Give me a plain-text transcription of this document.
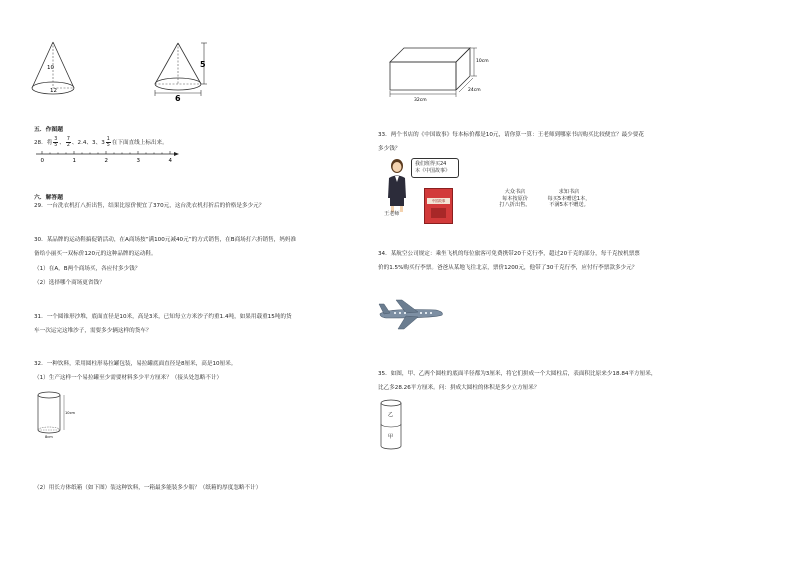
10
12
5
6
五．作图题
28．将 $\frac{3}{5}$ 、 $\frac{7}{2}$ 、 2.4 、 3 、 $3 \frac{1}{5}$ 在下面直线上标出来。
0	1	2	3	4
六．解答题
29．一台洗衣机打八折出售，结果比原价便宜了370元，这台洗衣机打折后的价格是多少元？
30．某品牌的运动鞋搞促销活动，在A商场按“满100元减40元”的方式销售，在B商场打六折销售，妈妈准
备给小丽买一双标价120元的这种品牌的运动鞋。
（1）在A，B两个商场买，各应付多少钱？
（2）选择哪个商场更省钱？
31．一个圆锥形沙堆，底面直径是10米，高是3米，已知每立方米沙子约重1.4吨，如果用载重15吨的货
车一次运完这堆沙子，需要多少辆这样的货车？
32．一种饮料，采用圆柱形易拉罐包装，易拉罐底面直径是8厘米，高是10厘米。
（1）生产这样一个易拉罐至少需要材料多少平方厘米？（接头处忽略不计）
10cm
8cm
（2）用长方体纸箱（如下图）装这种饮料，一箱最多能装多少瓶？（纸箱的厚度忽略不计）
32cm
24cm
10cm
33．两个书店的《中国故事》每本标价都是10元，请你算一算：王老师到哪家书店购买比较便宜？最少要花
多少钱？
王老师
我们班得买24
本《中国故事》
中国故事
大众书店
每本按原价
打八折出售。
求知书店
每买5本赠送1本，
不满5本不赠送。
34．某航空公司规定：乘坐飞机的每位旅客可免费携带20千克行李，超过20千克的部分，每千克按机票票
价的1.5%购买行李票。爸爸从某地飞往北京，票价1200元，他带了30千克行李，应付行李票款多少元？
35．如图，甲、乙两个圆柱的底面半径都为3厘米，将它们拼成一个大圆柱后，表面积比原来少18.84平方厘米，
比乙多28.26平方厘米。问：拼成大圆柱的体积是多少立方厘米？
乙
甲
